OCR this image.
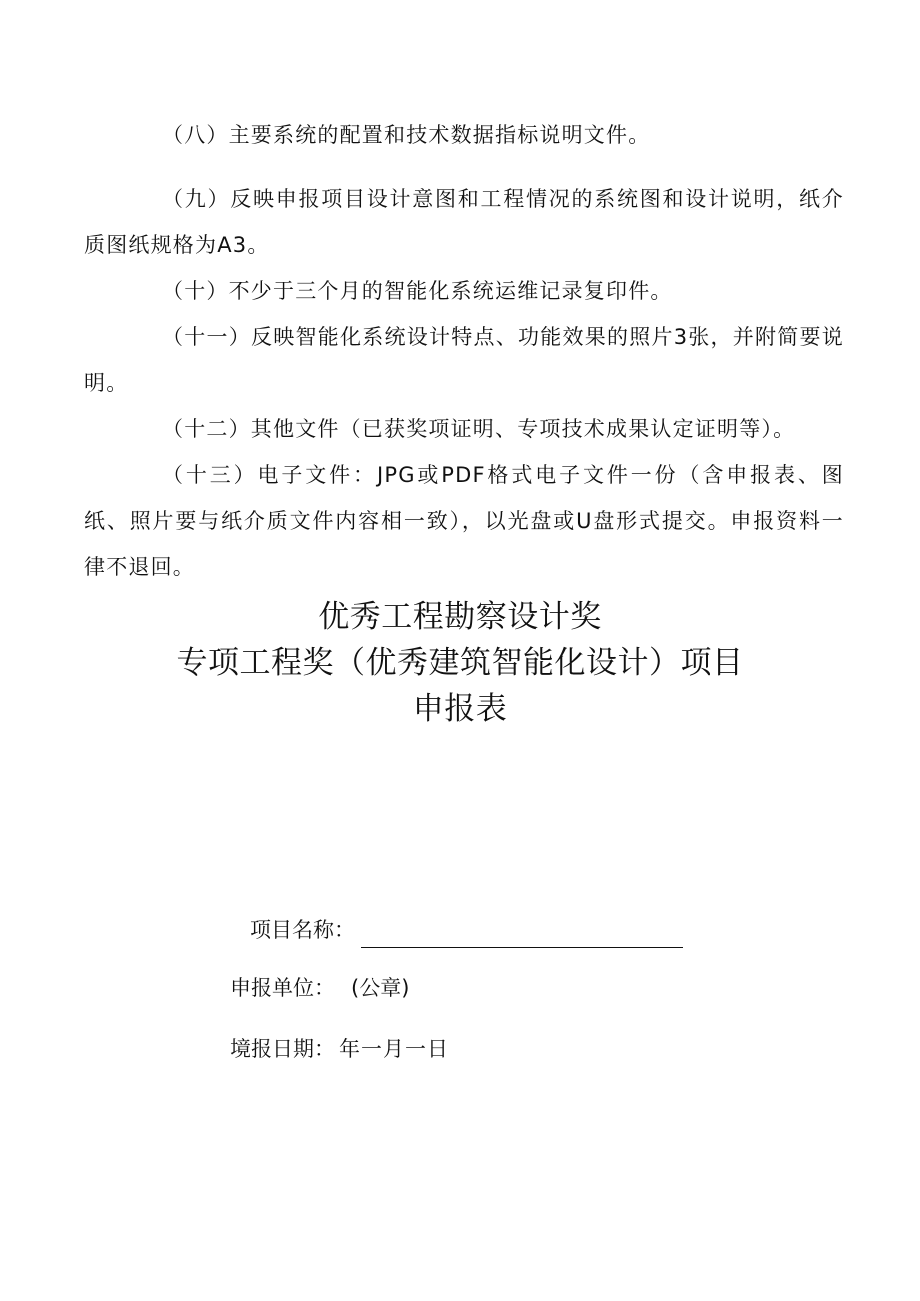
（八）主要系统的配置和技术数据指标说明文件。

（九）反映申报项目设计意图和工程情况的系统图和设计说明，纸介质图纸规格为A3。

（十）不少于三个月的智能化系统运维记录复印件。

（十一）反映智能化系统设计特点、功能效果的照片3张，并附简要说明。

（十二）其他文件（已获奖项证明、专项技术成果认定证明等）。

（十三）电子文件：JPG或PDF格式电子文件一份（含申报表、图纸、照片要与纸介质文件内容相一致），以光盘或U盘形式提交。申报资料一律不退回。

优秀工程勘察设计奖
专项工程奖（优秀建筑智能化设计）项目
申报表
项目名称：
申报单位： (公章)
境报日期： 年一月一日
